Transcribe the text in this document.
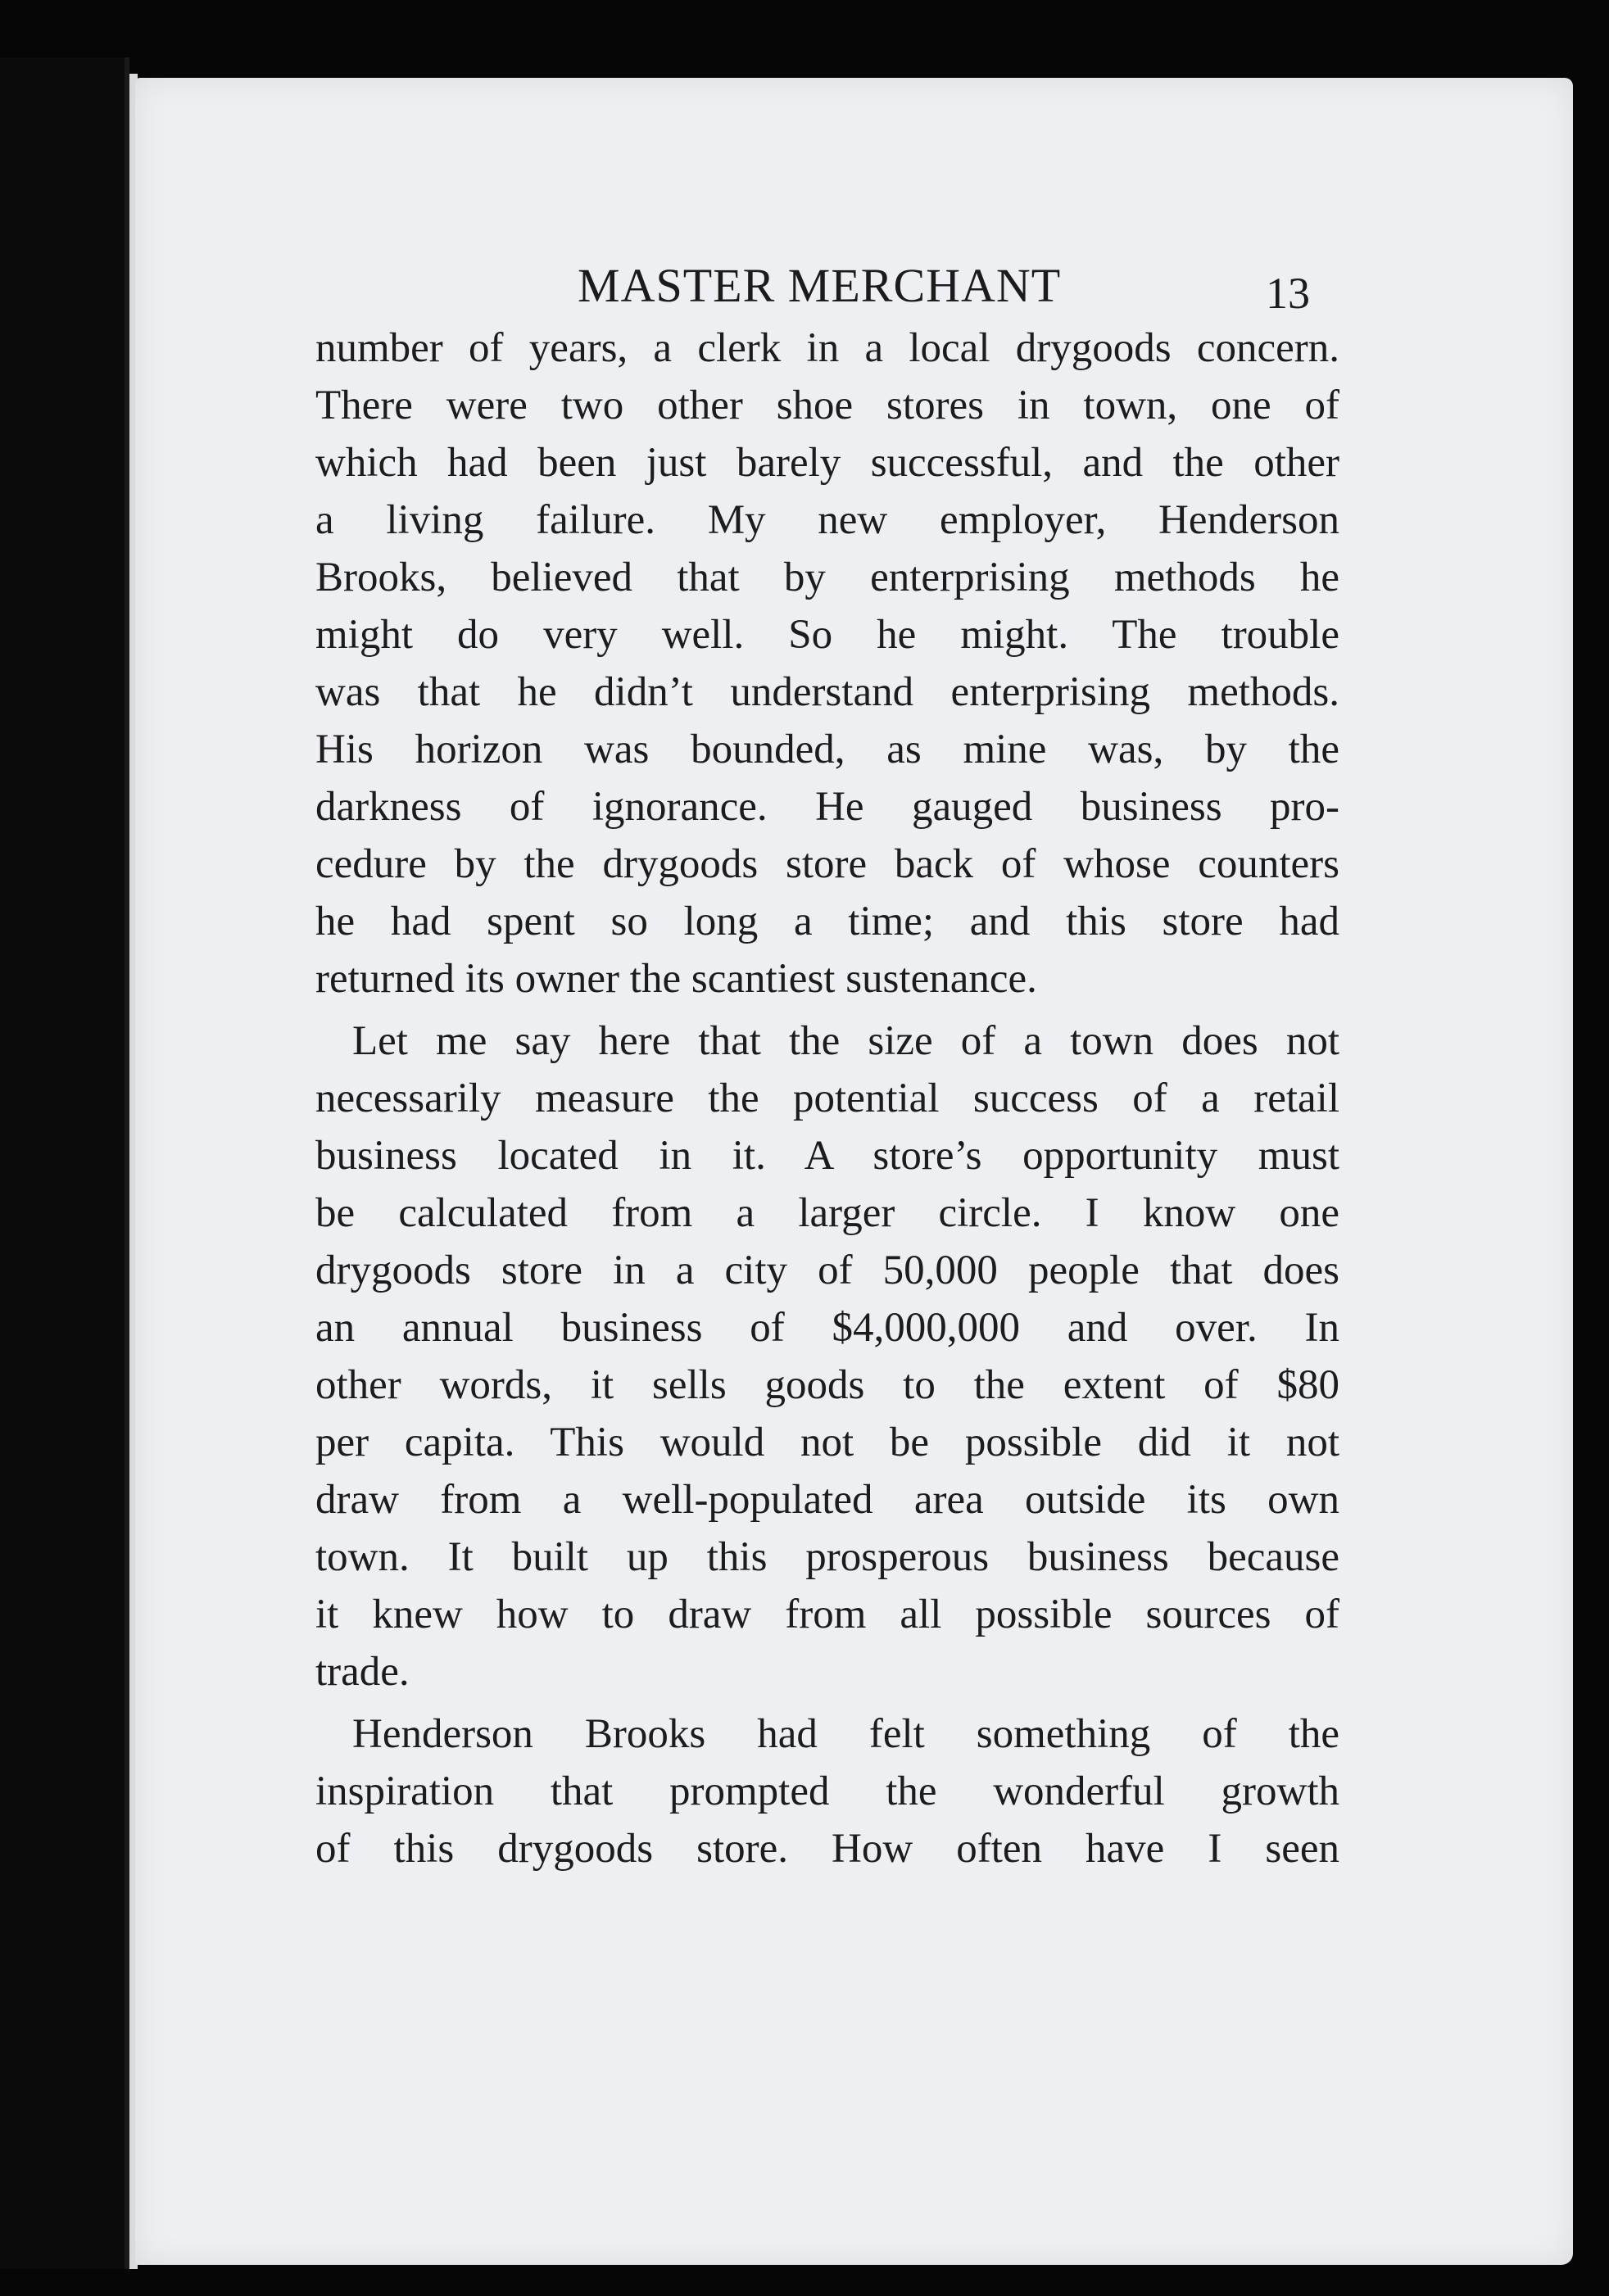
MASTER MERCHANT	13

number of years, a clerk in a local drygoods concern.
There were two other shoe stores in town, one of
which had been just barely successful, and the other
a living failure. My new employer, Henderson
Brooks, believed that by enterprising methods he
might do very well. So he might. The trouble
was that he didn’t understand enterprising methods.
His horizon was bounded, as mine was, by the
darkness of ignorance. He gauged business pro-
cedure by the drygoods store back of whose counters
he had spent so long a time; and this store had
returned its owner the scantiest sustenance.

Let me say here that the size of a town does not
necessarily measure the potential success of a retail
business located in it. A store’s opportunity must
be calculated from a larger circle. I know one
drygoods store in a city of 50,000 people that does
an annual business of $4,000,000 and over. In
other words, it sells goods to the extent of $80
per capita. This would not be possible did it not
draw from a well-populated area outside its own
town. It built up this prosperous business because
it knew how to draw from all possible sources of
trade.

Henderson Brooks had felt something of the
inspiration that prompted the wonderful growth
of this drygoods store. How often have I seen
